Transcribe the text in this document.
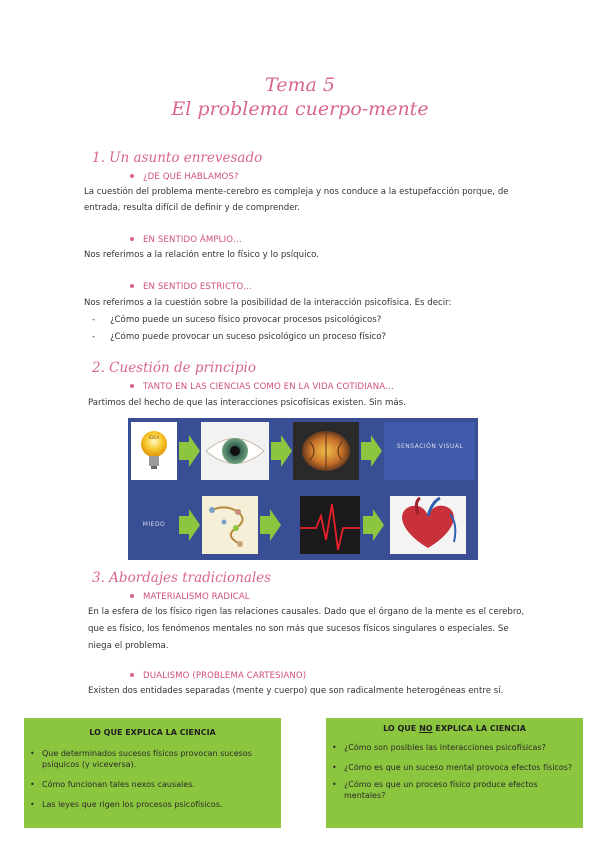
Tema 5
El problema cuerpo-mente
1. Un asunto enrevesado
¿DE QUÉ HABLAMOS?
La cuestión del problema mente-cerebro es compleja y nos conduce a la estupefacción porque, de
entrada, resulta difícil de definir y de comprender.
EN SENTIDO ÁMPLIO…
Nos referimos a la relación entre lo físico y lo psíquico.
EN SENTIDO ESTRICTO…
Nos referimos a la cuestión sobre la posibilidad de la interacción psicofísica. Es decir:
- ¿Cómo puede un suceso físico provocar procesos psicológicos?
- ¿Cómo puede provocar un suceso psicológico un proceso físico?
2. Cuestión de principio
TANTO EN LAS CIENCIAS COMO EN LA VIDA COTIDIANA…
Partimos del hecho de que las interacciones psicofísicas existen. Sin más.
IDEA
SENSACIÓN VISUAL
MIEDO
3. Abordajes tradicionales
MATERIALISMO RADICAL
En la esfera de los físico rigen las relaciones causales. Dado que el órgano de la mente es el cerebro,
que es físico, los fenómenos mentales no son más que sucesos físicos singulares o especiales. Se
niega el problema.
DUALISMO (PROBLEMA CARTESIANO)
Existen dos entidades separadas (mente y cuerpo) que son radicalmente heterogéneas entre sí.
LO QUE EXPLICA LA CIENCIA
• Que determinados sucesos físicos provocan sucesos psíquicos (y viceversa).
• Cómo funcionan tales nexos causales.
• Las leyes que rigen los procesos psicofísicos.
LO QUE NO EXPLICA LA CIENCIA
• ¿Cómo son posibles las interacciones psicofísicas?
• ¿Cómo es que un suceso mental provoca efectos físicos?
• ¿Cómo es que un proceso físico produce efectos mentales?
